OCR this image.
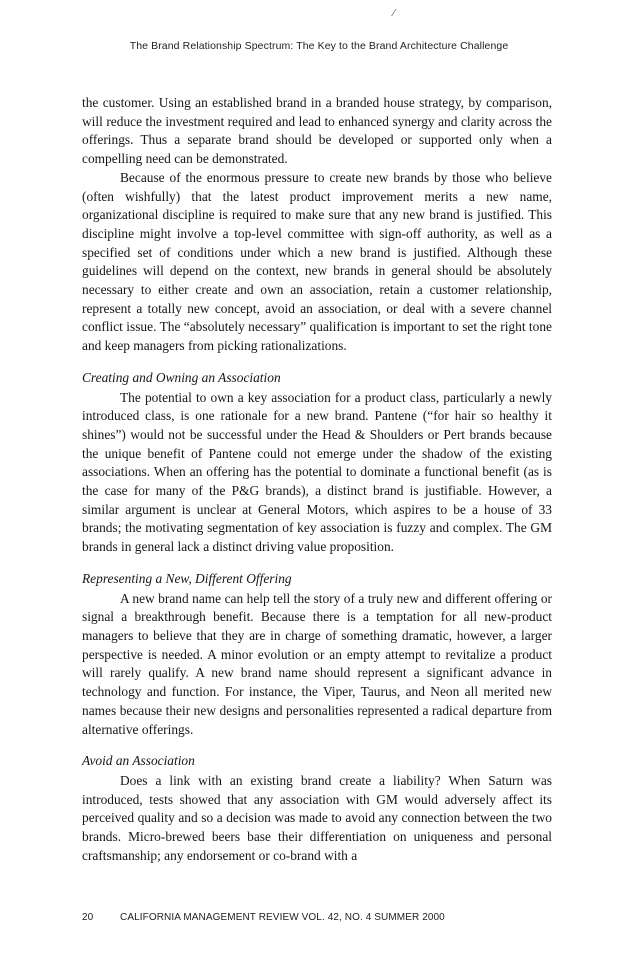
⁄
The Brand Relationship Spectrum: The Key to the Brand Architecture Challenge

the customer. Using an established brand in a branded house strategy, by comparison, will reduce the investment required and lead to enhanced synergy and clarity across the offerings. Thus a separate brand should be developed or supported only when a compelling need can be demonstrated.

Because of the enormous pressure to create new brands by those who believe (often wishfully) that the latest product improvement merits a new name, organizational discipline is required to make sure that any new brand is justified. This discipline might involve a top-level committee with sign-off authority, as well as a specified set of conditions under which a new brand is justified. Although these guidelines will depend on the context, new brands in general should be absolutely necessary to either create and own an association, retain a customer relationship, represent a totally new concept, avoid an association, or deal with a severe channel conflict issue. The “absolutely necessary” qualification is important to set the right tone and keep managers from picking rationalizations.

Creating and Owning an Association

The potential to own a key association for a product class, particularly a newly introduced class, is one rationale for a new brand. Pantene (“for hair so healthy it shines”) would not be successful under the Head & Shoulders or Pert brands because the unique benefit of Pantene could not emerge under the shadow of the existing associations. When an offering has the potential to dominate a functional benefit (as is the case for many of the P&G brands), a distinct brand is justifiable. However, a similar argument is unclear at General Motors, which aspires to be a house of 33 brands; the motivating segmentation of key association is fuzzy and complex. The GM brands in general lack a distinct driving value proposition.

Representing a New, Different Offering

A new brand name can help tell the story of a truly new and different offering or signal a breakthrough benefit. Because there is a temptation for all new-product managers to believe that they are in charge of something dramatic, however, a larger perspective is needed. A minor evolution or an empty attempt to revitalize a product will rarely qualify. A new brand name should represent a significant advance in technology and function. For instance, the Viper, Taurus, and Neon all merited new names because their new designs and personalities represented a radical departure from alternative offerings.

Avoid an Association

Does a link with an existing brand create a liability? When Saturn was introduced, tests showed that any association with GM would adversely affect its perceived quality and so a decision was made to avoid any connection between the two brands. Micro-brewed beers base their differentiation on uniqueness and personal craftsmanship; any endorsement or co-brand with a

20	CALIFORNIA MANAGEMENT REVIEW VOL. 42, NO. 4 SUMMER 2000
